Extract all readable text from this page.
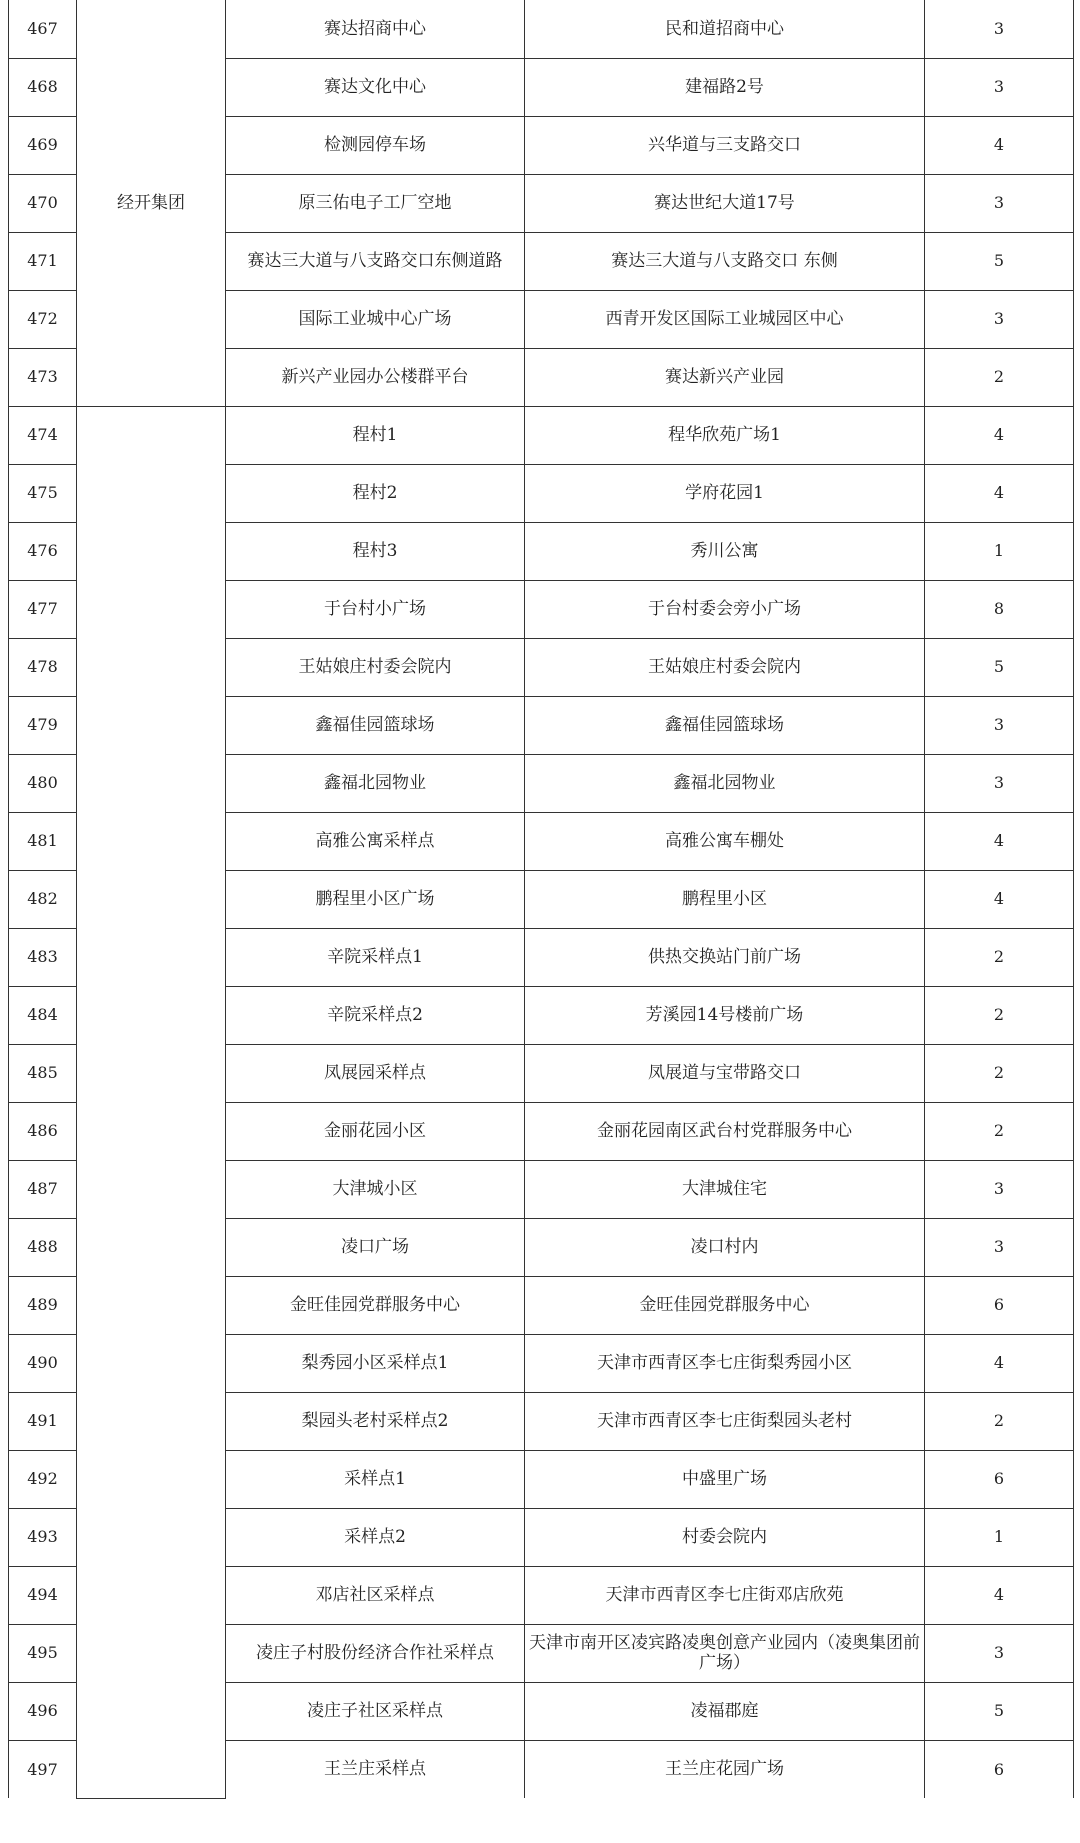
467	经开集团	赛达招商中心	民和道招商中心	3
468		赛达文化中心	建福路2号	3
469		检测园停车场	兴华道与三支路交口	4
470		原三佑电子工厂空地	赛达世纪大道17号	3
471		赛达三大道与八支路交口东侧道路	赛达三大道与八支路交口 东侧	5
472		国际工业城中心广场	西青开发区国际工业城园区中心	3
473		新兴产业园办公楼群平台	赛达新兴产业园	2
474		程村1	程华欣苑广场1	4
475		程村2	学府花园1	4
476		程村3	秀川公寓	1
477		于台村小广场	于台村委会旁小广场	8
478		王姑娘庄村委会院内	王姑娘庄村委会院内	5
479		鑫福佳园篮球场	鑫福佳园篮球场	3
480		鑫福北园物业	鑫福北园物业	3
481		高雅公寓采样点	高雅公寓车棚处	4
482		鹏程里小区广场	鹏程里小区	4
483		辛院采样点1	供热交换站门前广场	2
484		辛院采样点2	芳溪园14号楼前广场	2
485		凤展园采样点	凤展道与宝带路交口	2
486		金丽花园小区	金丽花园南区武台村党群服务中心	2
487		大津城小区	大津城住宅	3
488		凌口广场	凌口村内	3
489		金旺佳园党群服务中心	金旺佳园党群服务中心	6
490		梨秀园小区采样点1	天津市西青区李七庄街梨秀园小区	4
491		梨园头老村采样点2	天津市西青区李七庄街梨园头老村	2
492		采样点1	中盛里广场	6
493		采样点2	村委会院内	1
494		邓店社区采样点	天津市西青区李七庄街邓店欣苑	4
495		凌庄子村股份经济合作社采样点	天津市南开区凌宾路凌奥创意产业园内（凌奥集团前广场）	3
496		凌庄子社区采样点	凌福郡庭	5
497		王兰庄采样点	王兰庄花园广场	6
